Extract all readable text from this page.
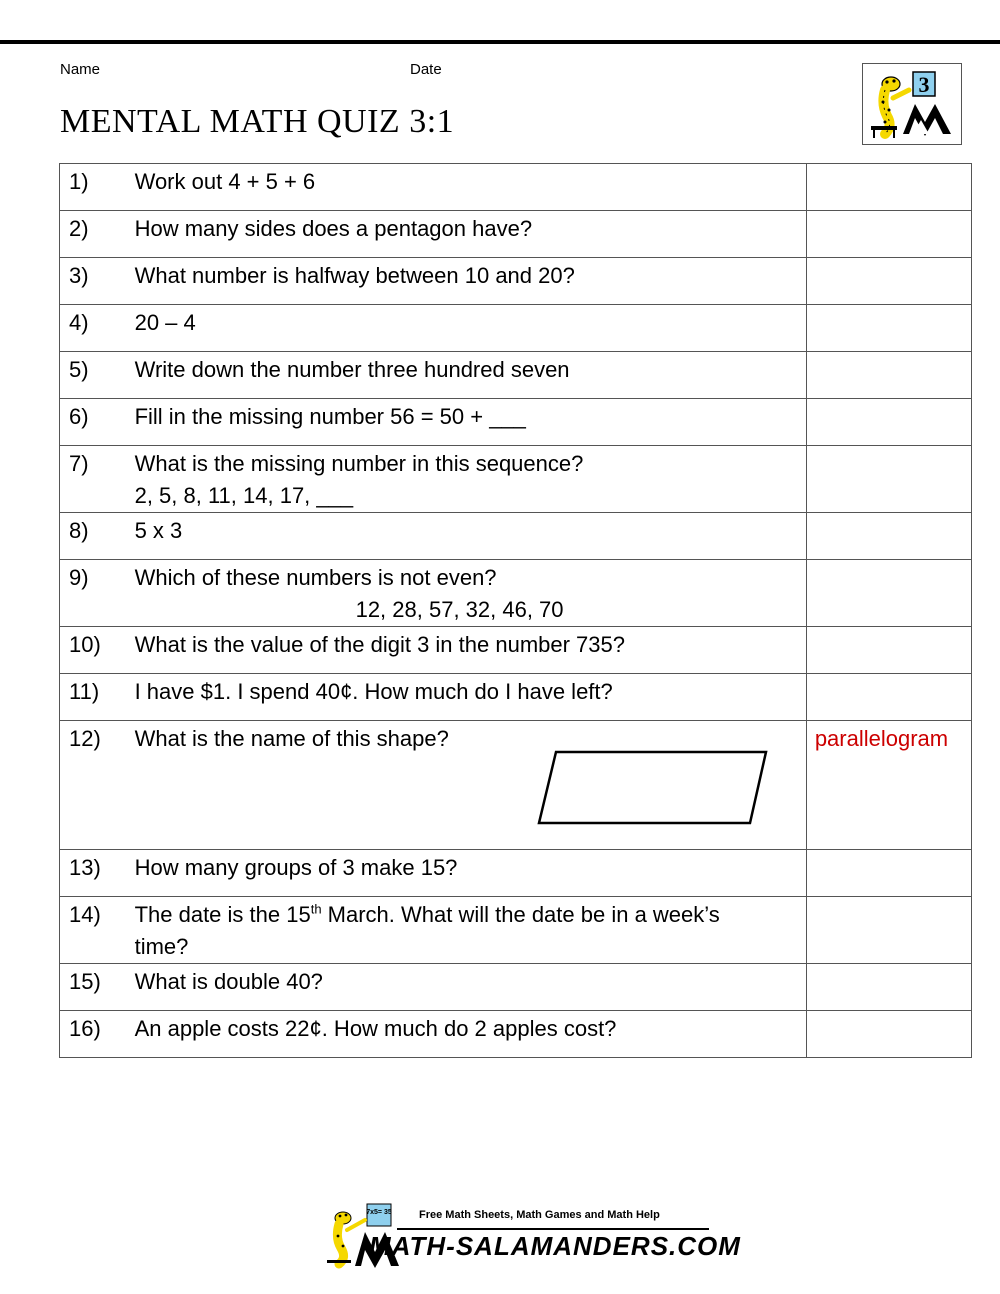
Name	Date
MENTAL MATH QUIZ 3:1
3
1)	Work out 4 + 5 + 6	

2)	How many sides does a pentagon have?	

3)	What number is halfway between 10 and 20?	

4)	20 – 4	

5)	Write down the number three hundred seven	

6)	Fill in the missing number 56 = 50 + ___	

7)	What is the missing number in this sequence?
2, 5, 8, 11, 14, 17, ___	

8)	5 x 3	

9)	Which of these numbers is not even?
12, 28, 57, 32, 46, 70	

10)	What is the value of the digit 3 in the number 735?	

11)	I have $1. I spend 40¢. How much do I have left?	

12)	What is the name of this shape?	parallelogram

13)	How many groups of 3 make 15?	

14)	The date is the 15th March. What will the date be in a week’s
time?	

15)	What is double 40?	

16)	An apple costs 22¢. How much do 2 apples cost?	

7x5= 35 Free Math Sheets, Math Games and Math Help
MATH-SALAMANDERS.COM
